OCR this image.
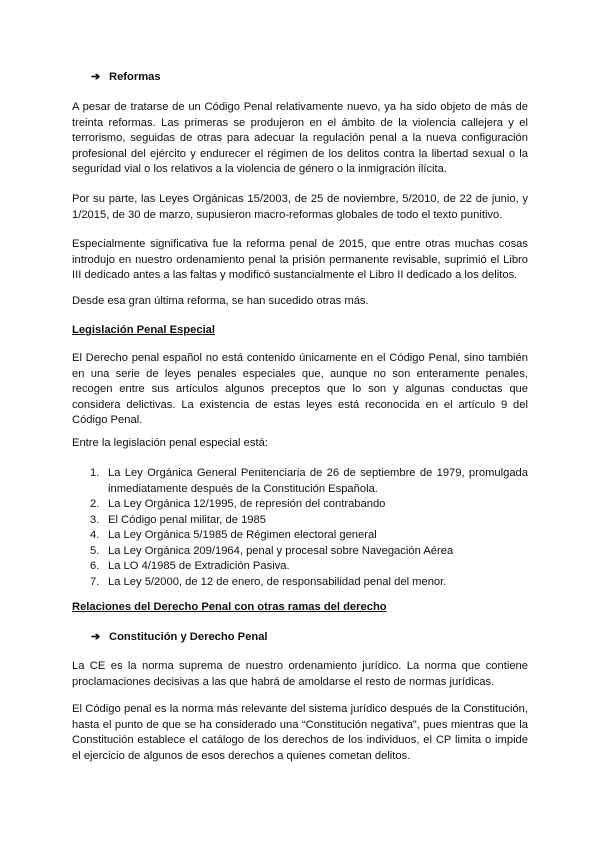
➔ Reformas

A pesar de tratarse de un Código Penal relativamente nuevo, ya ha sido objeto de más de treinta reformas. Las primeras se produjeron en el ámbito de la violencia callejera y el terrorismo, seguidas de otras para adecuar la regulación penal a la nueva configuración profesional del ejército y endurecer el régimen de los delitos contra la libertad sexual o la seguridad vial o los relativos a la violencia de género o la inmigración ilícita.

Por su parte, las Leyes Orgánicas 15/2003, de 25 de noviembre, 5/2010, de 22 de junio, y 1/2015, de 30 de marzo, supusieron macro-reformas globales de todo el texto punitivo.

Especialmente significativa fue la reforma penal de 2015, que entre otras muchas cosas introdujo en nuestro ordenamiento penal la prisión permanente revisable, suprimió el Libro III dedicado antes a las faltas y modificó sustancialmente el Libro II dedicado a los delitos.

Desde esa gran última reforma, se han sucedido otras más.

Legislación Penal Especial

El Derecho penal español no está contenido únicamente en el Código Penal, sino también en una serie de leyes penales especiales que, aunque no son enteramente penales, recogen entre sus artículos algunos preceptos que lo son y algunas conductas que considera delictivas. La existencia de estas leyes está reconocida en el artículo 9 del Código Penal.

Entre la legislación penal especial está:

1. La Ley Orgánica General Penitenciaria de 26 de septiembre de 1979, promulgada inmediatamente después de la Constitución Española.
2. La Ley Orgánica 12/1995, de represión del contrabando
3. El Código penal militar, de 1985
4. La Ley Orgánica 5/1985 de Régimen electoral general
5. La Ley Orgánica 209/1964, penal y procesal sobre Navegación Aérea
6. La LO 4/1985 de Extradición Pasiva.
7. La Ley 5/2000, de 12 de enero, de responsabilidad penal del menor.
Relaciones del Derecho Penal con otras ramas del derecho
➔ Constitución y Derecho Penal

La CE es la norma suprema de nuestro ordenamiento jurídico. La norma que contiene proclamaciones decisivas a las que habrá de amoldarse el resto de normas jurídicas.

El Código penal es la norma más relevante del sistema jurídico después de la Constitución, hasta el punto de que se ha considerado una “Constitución negativa”, pues mientras que la Constitución establece el catálogo de los derechos de los individuos, el CP limita o impide el ejercicio de algunos de esos derechos a quienes cometan delitos.
